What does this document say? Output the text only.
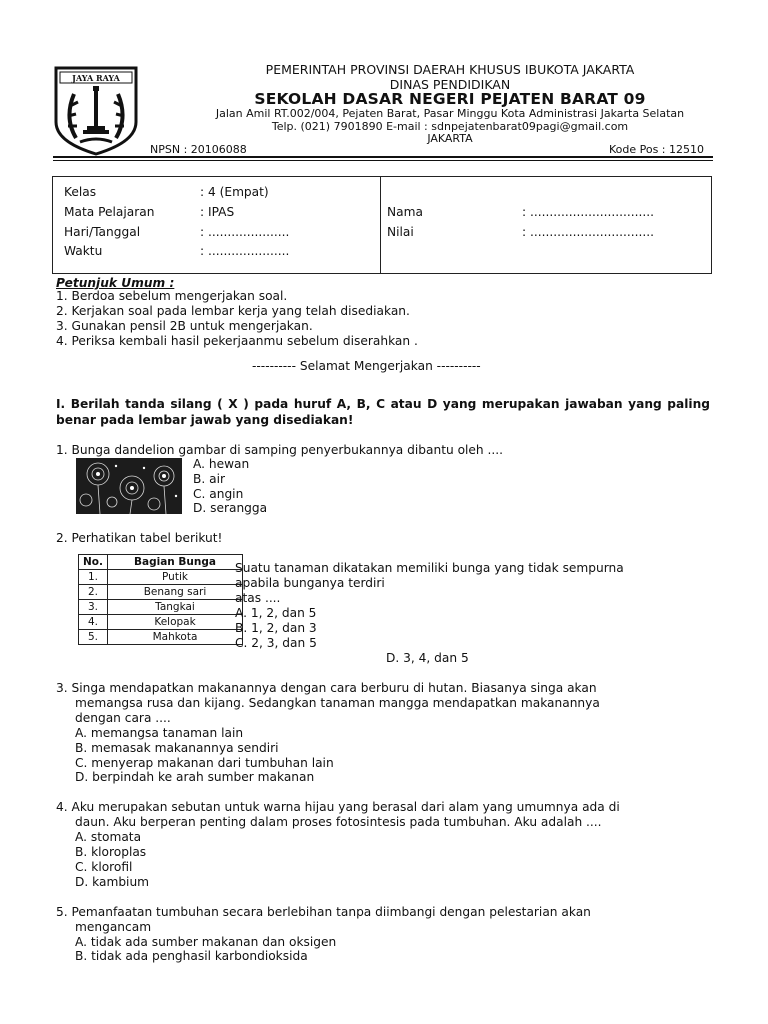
JAYA RAYA
PEMERINTAH PROVINSI DAERAH KHUSUS IBUKOTA JAKARTA
DINAS PENDIDIKAN
SEKOLAH DASAR NEGERI PEJATEN BARAT 09
Jalan Amil RT.002/004, Pejaten Barat, Pasar Minggu Kota Administrasi Jakarta Selatan
Telp. (021) 7901890 E-mail : sdnpejatenbarat09pagi@gmail.com
JAKARTA
NPSN : 20106088	Kode Pos : 12510
Kelas	: 4 (Empat)
Mata Pelajaran	: IPAS
Hari/Tanggal	: .....................
Waktu	: .....................
Nama	: ................................
Nilai	: ................................
Petunjuk Umum :
1. Berdoa sebelum mengerjakan soal.
2. Kerjakan soal pada lembar kerja yang telah disediakan.
3. Gunakan pensil 2B untuk mengerjakan.
4. Periksa kembali hasil pekerjaanmu sebelum diserahkan .
---------- Selamat Mengerjakan ----------
I. Berilah tanda silang ( X ) pada huruf A, B, C atau D yang merupakan jawaban yang paling benar pada lembar jawab yang disediakan!
1. Bunga dandelion gambar di samping penyerbukannya dibantu oleh ....
A. hewan
B. air
C. angin
D. serangga
2. Perhatikan tabel berikut!
No.	Bagian Bunga
1.	Putik
2.	Benang sari
3.	Tangkai
4.	Kelopak
5.	Mahkota
Suatu tanaman dikatakan memiliki bunga yang tidak sempurna
apabila bunganya terdiri
atas ....
A. 1, 2, dan 5
B. 1, 2, dan 3
C. 2, 3, dan 5
D. 3, 4, dan 5
3. Singa mendapatkan makanannya dengan cara berburu di hutan. Biasanya singa akan
memangsa rusa dan kijang. Sedangkan tanaman mangga mendapatkan makanannya
dengan cara ....
A. memangsa tanaman lain
B. memasak makanannya sendiri
C. menyerap makanan dari tumbuhan lain
D. berpindah ke arah sumber makanan
4. Aku merupakan sebutan untuk warna hijau yang berasal dari alam yang umumnya ada di
daun. Aku berperan penting dalam proses fotosintesis pada tumbuhan. Aku adalah ....
A. stomata
B. kloroplas
C. klorofil
D. kambium
5. Pemanfaatan tumbuhan secara berlebihan tanpa diimbangi dengan pelestarian akan
mengancam
A. tidak ada sumber makanan dan oksigen
B. tidak ada penghasil karbondioksida
